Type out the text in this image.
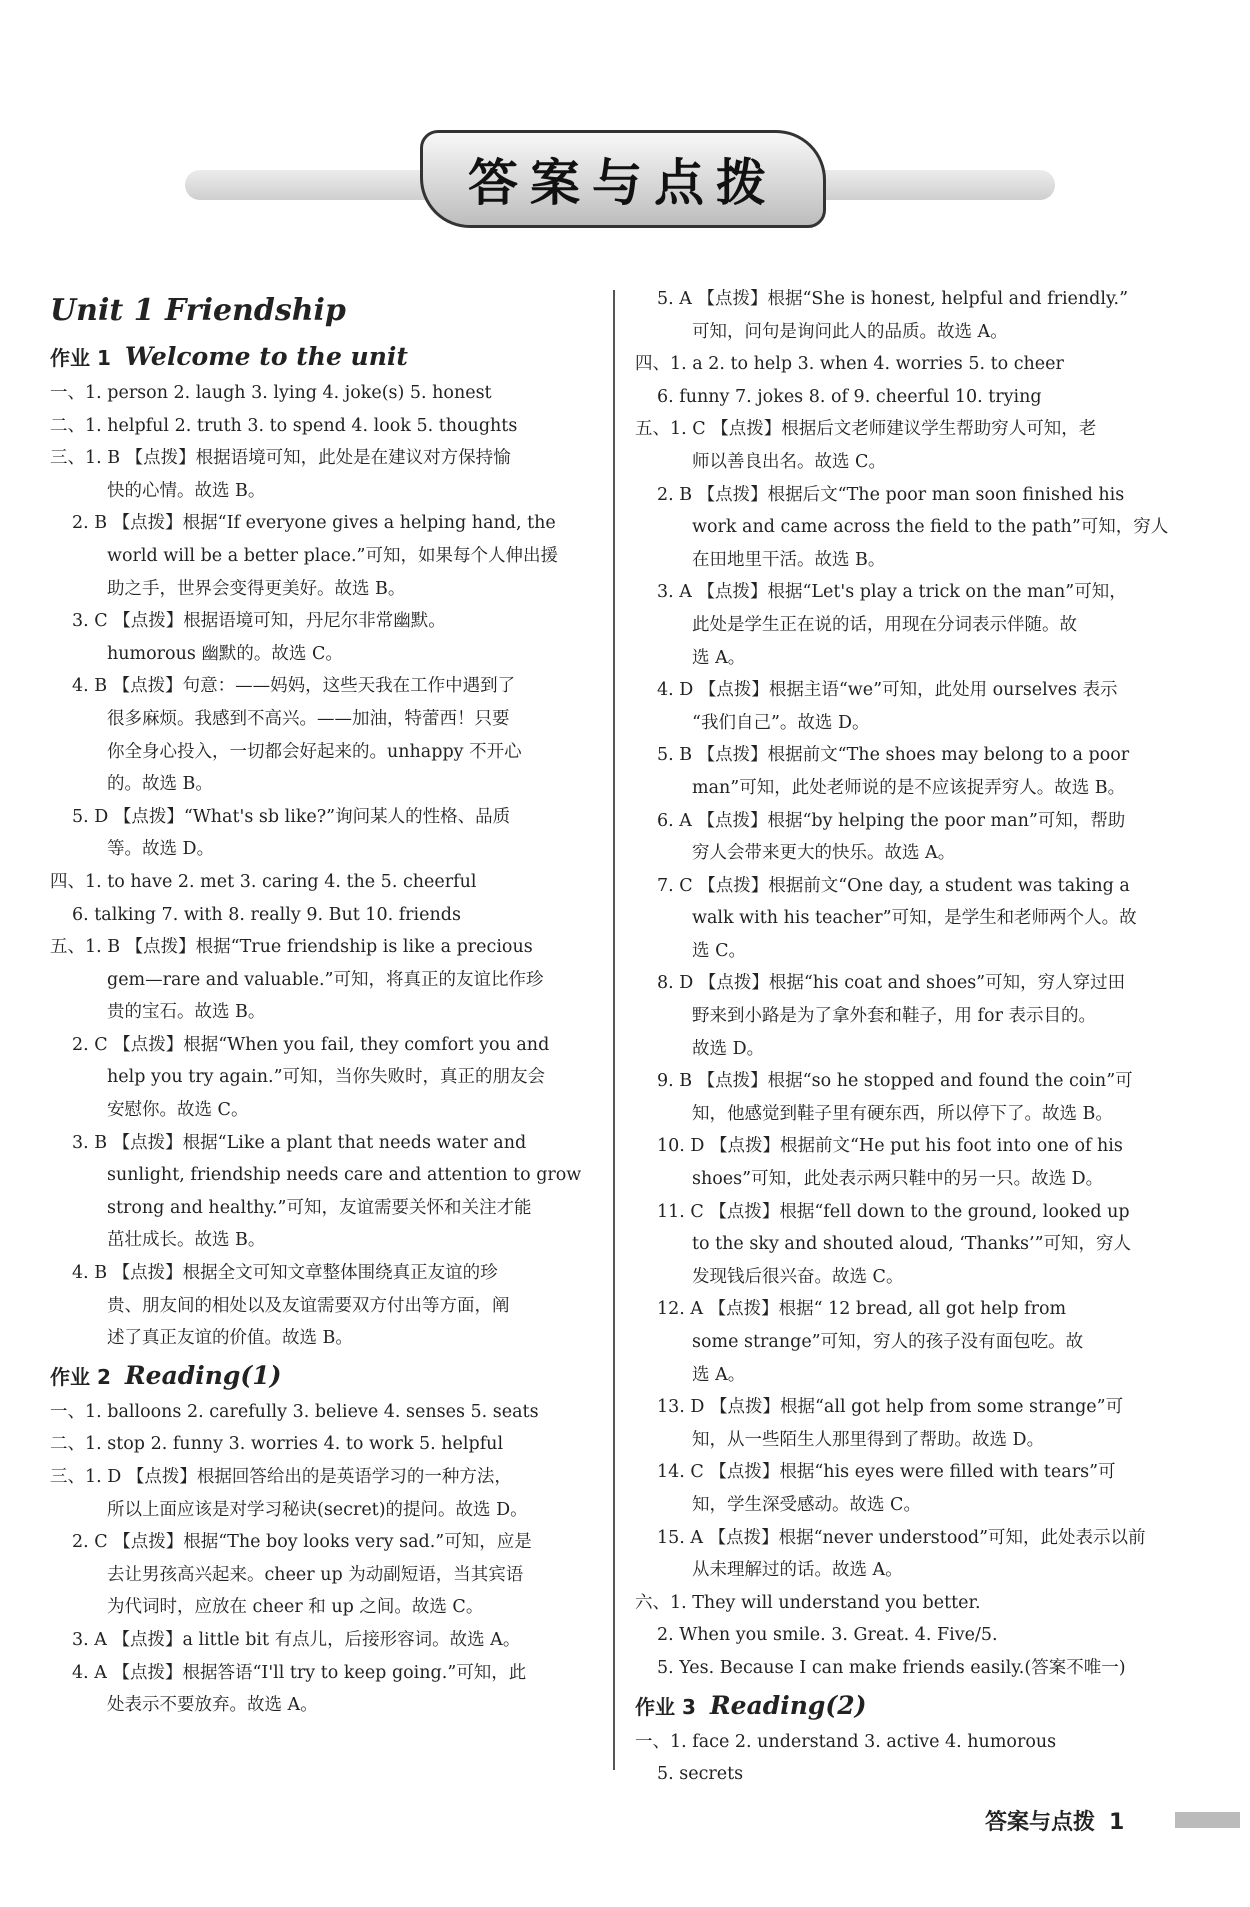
答案与点拨
Unit 1 Friendship
作业 1 Welcome to the unit
一、1. person 2. laugh 3. lying 4. joke(s) 5. honest
二、1. helpful 2. truth 3. to spend 4. look 5. thoughts
三、1. B 【点拨】根据语境可知，此处是在建议对方保持愉
快的心情。故选 B。
2. B 【点拨】根据“If everyone gives a helping hand, the
world will be a better place.”可知，如果每个人伸出援
助之手，世界会变得更美好。故选 B。
3. C 【点拨】根据语境可知，丹尼尔非常幽默。
humorous 幽默的。故选 C。
4. B 【点拨】句意：——妈妈，这些天我在工作中遇到了
很多麻烦。我感到不高兴。——加油，特蕾西！只要
你全身心投入，一切都会好起来的。unhappy 不开心
的。故选 B。
5. D 【点拨】“What's sb like?”询问某人的性格、品质
等。故选 D。
四、1. to have 2. met 3. caring 4. the 5. cheerful
6. talking 7. with 8. really 9. But 10. friends
五、1. B 【点拨】根据“True friendship is like a precious
gem—rare and valuable.”可知，将真正的友谊比作珍
贵的宝石。故选 B。
2. C 【点拨】根据“When you fail, they comfort you and
help you try again.”可知，当你失败时，真正的朋友会
安慰你。故选 C。
3. B 【点拨】根据“Like a plant that needs water and
sunlight, friendship needs care and attention to grow
strong and healthy.”可知，友谊需要关怀和关注才能
茁壮成长。故选 B。
4. B 【点拨】根据全文可知文章整体围绕真正友谊的珍
贵、朋友间的相处以及友谊需要双方付出等方面，阐
述了真正友谊的价值。故选 B。
作业 2 Reading(1)
一、1. balloons 2. carefully 3. believe 4. senses 5. seats
二、1. stop 2. funny 3. worries 4. to work 5. helpful
三、1. D 【点拨】根据回答给出的是英语学习的一种方法，
所以上面应该是对学习秘诀(secret)的提问。故选 D。
2. C 【点拨】根据“The boy looks very sad.”可知，应是
去让男孩高兴起来。cheer up 为动副短语，当其宾语
为代词时，应放在 cheer 和 up 之间。故选 C。
3. A 【点拨】a little bit 有点儿，后接形容词。故选 A。
4. A 【点拨】根据答语“I'll try to keep going.”可知，此
处表示不要放弃。故选 A。
5. A 【点拨】根据“She is honest, helpful and friendly.”
可知，问句是询问此人的品质。故选 A。
四、1. a 2. to help 3. when 4. worries 5. to cheer
6. funny 7. jokes 8. of 9. cheerful 10. trying
五、1. C 【点拨】根据后文老师建议学生帮助穷人可知，老
师以善良出名。故选 C。
2. B 【点拨】根据后文“The poor man soon finished his
work and came across the field to the path”可知，穷人
在田地里干活。故选 B。
3. A 【点拨】根据“Let's play a trick on the man”可知，
此处是学生正在说的话，用现在分词表示伴随。故
选 A。
4. D 【点拨】根据主语“we”可知，此处用 ourselves 表示
“我们自己”。故选 D。
5. B 【点拨】根据前文“The shoes may belong to a poor
man”可知，此处老师说的是不应该捉弄穷人。故选 B。
6. A 【点拨】根据“by helping the poor man”可知，帮助
穷人会带来更大的快乐。故选 A。
7. C 【点拨】根据前文“One day, a student was taking a
walk with his teacher”可知，是学生和老师两个人。故
选 C。
8. D 【点拨】根据“his coat and shoes”可知，穷人穿过田
野来到小路是为了拿外套和鞋子，用 for 表示目的。
故选 D。
9. B 【点拨】根据“so he stopped and found the coin”可
知，他感觉到鞋子里有硬东西，所以停下了。故选 B。
10. D 【点拨】根据前文“He put his foot into one of his
shoes”可知，此处表示两只鞋中的另一只。故选 D。
11. C 【点拨】根据“fell down to the ground, looked up
to the sky and shouted aloud, ‘Thanks’”可知，穷人
发现钱后很兴奋。故选 C。
12. A 【点拨】根据“ 12 bread, all got help from
some strange”可知，穷人的孩子没有面包吃。故
选 A。
13. D 【点拨】根据“all got help from some strange”可
知，从一些陌生人那里得到了帮助。故选 D。
14. C 【点拨】根据“his eyes were filled with tears”可
知，学生深受感动。故选 C。
15. A 【点拨】根据“never understood”可知，此处表示以前
从未理解过的话。故选 A。
六、1. They will understand you better.
2. When you smile. 3. Great. 4. Five/5.
5. Yes. Because I can make friends easily.(答案不唯一)
作业 3 Reading(2)
一、1. face 2. understand 3. active 4. humorous
5. secrets
答案与点拨 1
